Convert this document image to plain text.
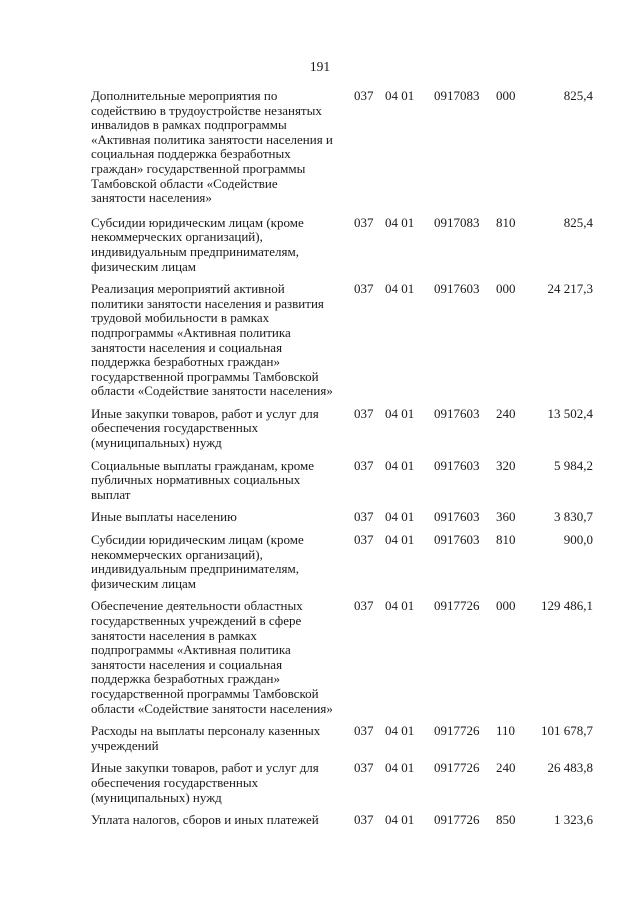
191
Дополнительные мероприятия по
содействию в трудоустройстве незанятых
инвалидов в рамках подпрограммы
«Активная политика занятости населения и
социальная поддержка безработных
граждан» государственной программы
Тамбовской области «Содействие
занятости населения»
037 04 01 0917083 000	825,4
Субсидии юридическим лицам (кроме
некоммерческих организаций),
индивидуальным предпринимателям,
физическим лицам
037 04 01 0917083 810	825,4
Реализация мероприятий активной
политики занятости населения и развития
трудовой мобильности в рамках
подпрограммы «Активная политика
занятости населения и социальная
поддержка безработных граждан»
государственной программы Тамбовской
области «Содействие занятости населения»
037 04 01 0917603 000	24 217,3
Иные закупки товаров, работ и услуг для
обеспечения государственных
(муниципальных) нужд
037 04 01 0917603 240	13 502,4
Социальные выплаты гражданам, кроме
публичных нормативных социальных
выплат
037 04 01 0917603 320	5 984,2
Иные выплаты населению	037 04 01 0917603 360	3 830,7
Субсидии юридическим лицам (кроме
некоммерческих организаций),
индивидуальным предпринимателям,
физическим лицам
037 04 01 0917603 810	900,0
Обеспечение деятельности областных
государственных учреждений в сфере
занятости населения в рамках
подпрограммы «Активная политика
занятости населения и социальная
поддержка безработных граждан»
государственной программы Тамбовской
области «Содействие занятости населения»
037 04 01 0917726 000	129 486,1
Расходы на выплаты персоналу казенных
учреждений
037 04 01 0917726 110	101 678,7
Иные закупки товаров, работ и услуг для
обеспечения государственных
(муниципальных) нужд
037 04 01 0917726 240	26 483,8
Уплата налогов, сборов и иных платежей	037 04 01 0917726 850	1 323,6
